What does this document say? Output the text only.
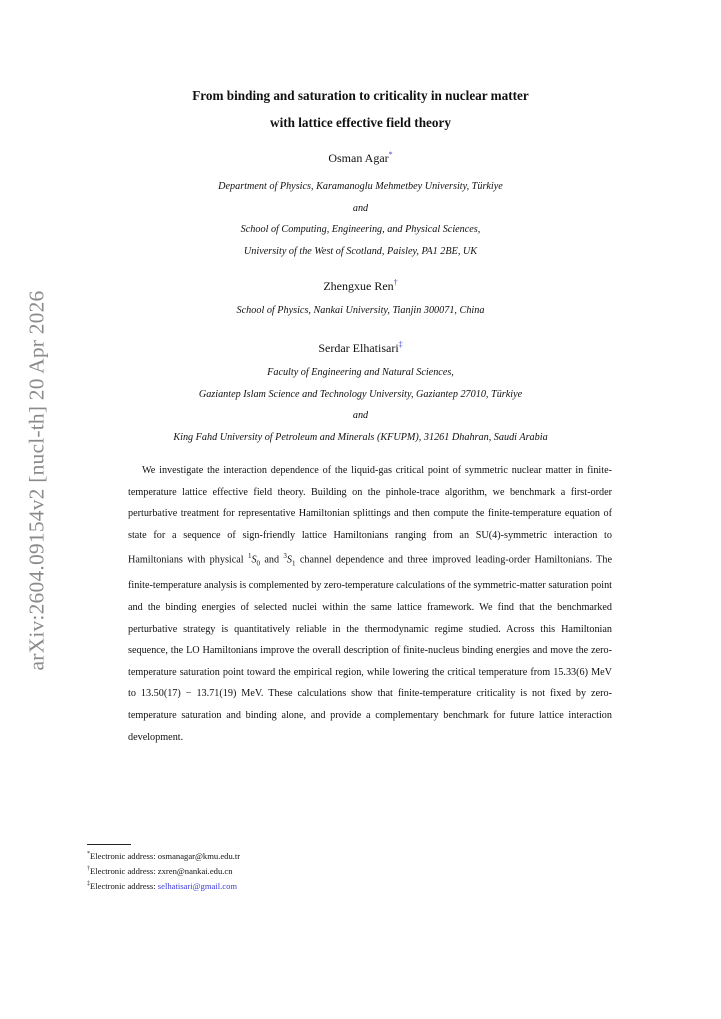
arXiv:2604.09154v2 [nucl-th] 20 Apr 2026
From binding and saturation to criticality in nuclear matter
with lattice effective field theory
Osman Agar*
Department of Physics, Karamanoglu Mehmetbey University, Türkiye
and
School of Computing, Engineering, and Physical Sciences,
University of the West of Scotland, Paisley, PA1 2BE, UK
Zhengxue Ren†
School of Physics, Nankai University, Tianjin 300071, China
Serdar Elhatisari‡
Faculty of Engineering and Natural Sciences,
Gaziantep Islam Science and Technology University, Gaziantep 27010, Türkiye
and
King Fahd University of Petroleum and Minerals (KFUPM), 31261 Dhahran, Saudi Arabia

We investigate the interaction dependence of the liquid-gas critical point of symmetric nuclear matter in finite-temperature lattice effective field theory. Building on the pinhole-trace algorithm, we benchmark a first-order perturbative treatment for representative Hamiltonian splittings and then compute the finite-temperature equation of state for a sequence of sign-friendly lattice Hamiltonians ranging from an SU(4)-symmetric interaction to Hamiltonians with physical $^1S_0$ and $^3S_1$ channel dependence and three improved leading-order Hamiltonians. The finite-temperature analysis is complemented by zero-temperature calculations of the symmetric-matter saturation point and the binding energies of selected nuclei within the same lattice framework. We find that the benchmarked perturbative strategy is quantitatively reliable in the thermodynamic regime studied. Across this Hamiltonian sequence, the LO Hamiltonians improve the overall description of finite-nucleus binding energies and move the zero-temperature saturation point toward the empirical region, while lowering the critical temperature from 15.33(6) MeV to 13.50(17) − 13.71(19) MeV. These calculations show that finite-temperature criticality is not fixed by zero-temperature saturation and binding alone, and provide a complementary benchmark for future lattice interaction development.

*Electronic address: osmanagar@kmu.edu.tr
†Electronic address: zxren@nankai.edu.cn
‡Electronic address: selhatisari@gmail.com
